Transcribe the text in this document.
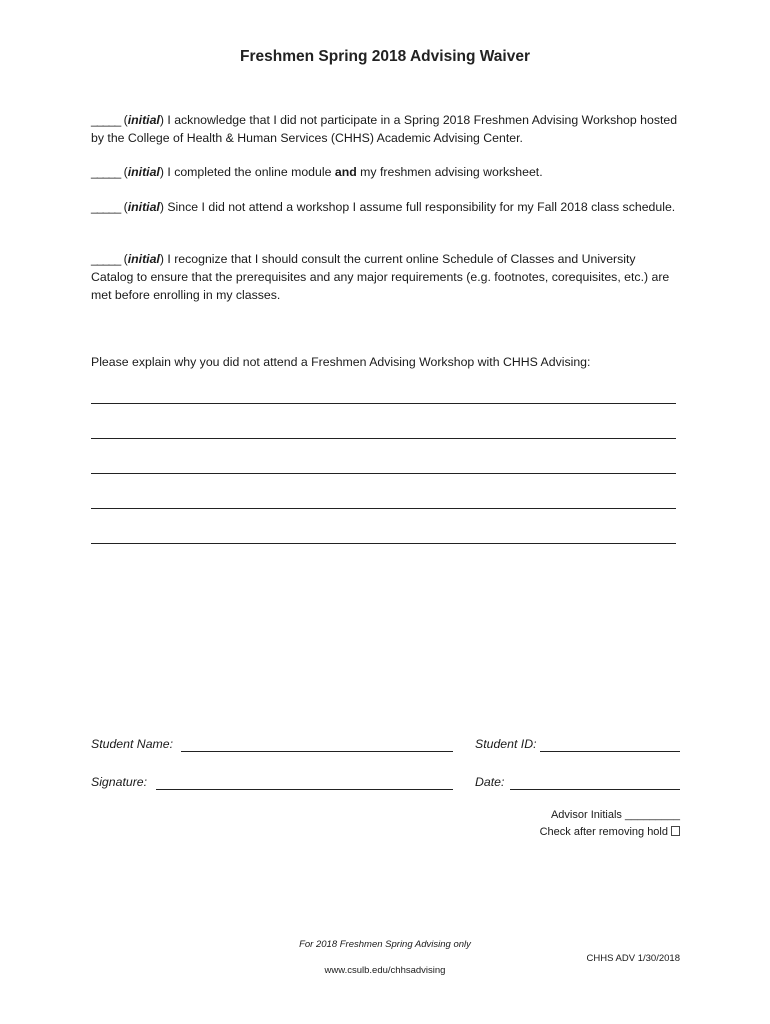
Freshmen Spring 2018 Advising Waiver
_____ (initial) I acknowledge that I did not participate in a Spring 2018 Freshmen Advising Workshop hosted by the College of Health & Human Services (CHHS) Academic Advising Center.
_____ (initial) I completed the online module and my freshmen advising worksheet.
_____ (initial) Since I did not attend a workshop I assume full responsibility for my Fall 2018 class schedule.
_____ (initial) I recognize that I should consult the current online Schedule of Classes and University Catalog to ensure that the prerequisites and any major requirements (e.g. footnotes, corequisites, etc.) are met before enrolling in my classes.
Please explain why you did not attend a Freshmen Advising Workshop with CHHS Advising:
Student Name:	Student ID:
Signature:	Date:
Advisor Initials _________
Check after removing hold
For 2018 Freshmen Spring Advising only
www.csulb.edu/chhsadvising
CHHS ADV 1/30/2018
